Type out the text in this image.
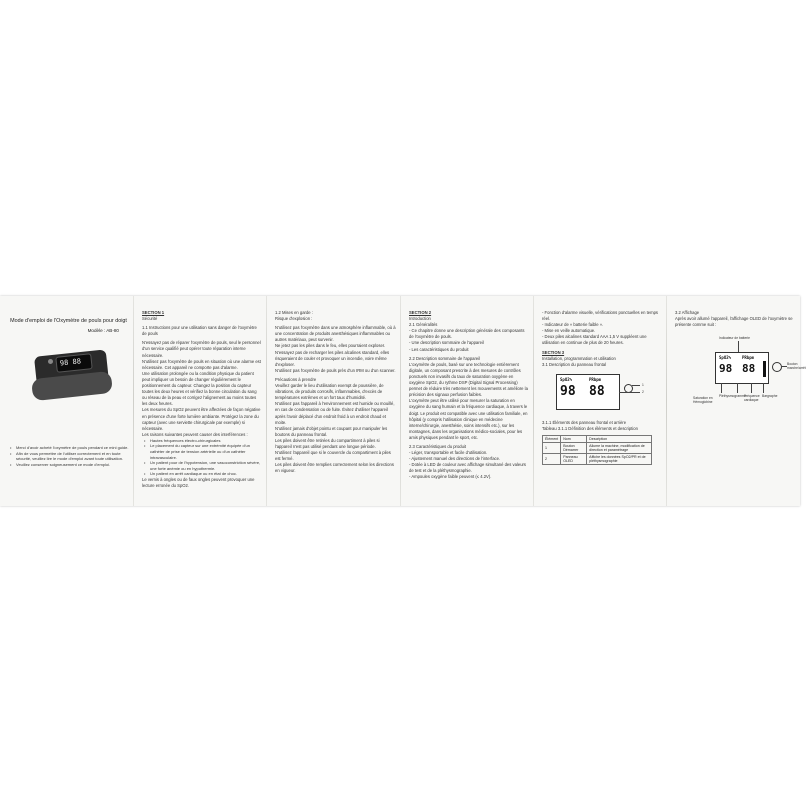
Mode d'emploi de l'Oxymètre de pouls pour doigt
Modèle : AB-80
98 88
• Merci d'avoir acheté l'oxymètre de pouls pendant ce mini guide.
• Afin de vous permettre de l'utiliser correctement et en toute sécurité, veuillez lire le mode d'emploi avant toute utilisation.
• Veuillez conserver soigneusement ce mode d'emploi.

SECTION 1

Sécurité

1.1 Instructions pour une utilisation sans danger de l'oxymètre de pouls

N'essayez pas de réparer l'oxymètre de pouls, seul le personnel d'un service qualifié peut opérer toute réparation interne nécessaire.

N'utilisez pas l'oxymètre de pouls en situation où une alarme est nécessaire. Cet appareil ne comporte pas d'alarme.

Une utilisation prolongée ou la condition physique du patient peut impliquer un besoin de changer régulièrement le positionnement du capteur. Changez la position du capteur toutes les deux heures et vérifiez la bonne circulation du sang ou réseau de la peau et corrigez l'alignement au moins toutes les deux heures.

Les mesures du SpO2 peuvent être affectées de façon négative en présence d'une forte lumière ambiante. Protégez la zone du capteur (avec une serviette chirurgicale par exemple) si nécessaire.

Les raisons suivantes peuvent causer des interférences :

• Hautes fréquences électro-chirurgicales
• Le placement du capteur sur une extrémité équipée d'un cathéter de prise de tension artérielle ou d'un cathéter intravasculaire.
• Un patient pour de l'hypotension, une vasoconstriction sévère, une forte anémie ou en hypothermie.
• Un patient en arrêt cardiaque ou en état de choc.

Le vernis à ongles ou de faux ongles peuvent provoquer une lecture erronée du SpO2.

1.2 Mises en garde :

Risque d'explosion :

N'utilisez pas l'oxymètre dans une atmosphère inflammable, où à une concentration de produits anesthésiques inflammables ou autres matériaux, peut survenir.

Ne jetez pas les piles dans le feu, elles pourraient exploser.

N'essayez pas de recharger les piles alcalines standard, elles risqueraient de couler et provoquer un incendie, voire même d'exploser.

N'utilisez pas l'oxymètre de pouls près d'un IRM ou d'un scanner.

Précautions à prendre

Veuillez garder le lieu d'utilisation exempt de poussière, de vibrations, de produits corrosifs, inflammables, d'excès de températures extrêmes et un fort taux d'humidité.

N'utilisez pas l'appareil à l'environnement est humide ou mouillé, en cas de condensation ou de fuite. Évitez d'utiliser l'appareil après l'avoir déplacé d'un endroit froid à un endroit chaud et moite.

N'utilisez jamais d'objet pointu et coupant pour manipuler les boutons du panneau frontal.

Les piles doivent être retirées du compartiment à piles si l'appareil n'est pas utilisé pendant une longue période.

N'utilisez l'appareil que si le couvercle du compartiment à piles est fermé.

Les piles doivent être remplies correctement selon les directions en vigueur.

SECTION 2

Introduction

2.1 Généralités

- Ce chapitre donne une description générale des composants de l'oxymètre de pouls.

- Une description sommaire de l'appareil

- Les caractéristiques du produit

2.2 Description sommaire de l'appareil

L'oxymètre de pouls, basé sur une technologie entièrement digitale, un composant prescrite à des mesures de contrôles ponctuels non invasifs du taux de saturation oxygène en oxygène SpO2, du rythme DSP (Digital Signal Processing) permet de réduire très nettement les mouvements et améliore la précision des signaux perfusion faibles.

L'oxymètre peut être utilisé pour mesurer la saturation en oxygène du sang humain et la fréquence cardiaque, à travers le doigt. Le produit est compatible avec une utilisation familiale, en hôpital (y compris l'utilisation clinique en médecine interne/chirurgie, anesthésie, soins intensifs etc.), sur les montagnes, dans les organisations médico-sociales, pour les amis physiques pendant le sport, etc.

2.3 Caractéristiques du produit

- Léger, transportable et facile d'utilisation.

- Ajustement manuel des directions de l'interface.

- Dotée à LED de couleur avec affichage simultané des valeurs de test et de la pléthysmographie.

- Ampoules oxygène faible peuvent (≤ 4.2V).

- Fonction d'alarme visuelle, vérifications ponctuelles en temps réel.

- Indicateur de « batterie faible ».

- Mise en veille automatique.

- Deux piles alcalines standard AAA 1,5 V suppléent une utilisation en continue de plus de 20 heures.

SECTION 3

Installation, programmation et utilisation

3.1 Description du panneau frontal

SpO2%	PRbpm
98 88	1
2

3.1.1 Éléments des panneau frontal et arrière

Tableau 3.1.1 Définition des éléments et description

Élément	Nom	Description
1	Bouton Démarrer	Allume la machine, modification de direction et paramétrage
2	Panneau OLED	Affiche les données SpO2/PR et de pléthysmographie

3.2 Affichage

Après avoir allumé l'appareil, l'affichage OLED de l'oxymètre se présente comme suit :

Indicateur de batterie
SpO2%	PRbpm
98 88	Bouton marche/arrêt
Saturation en Hémoglobine
Pléthysmogramme
Fréquence cardiaque
Bargraphe
